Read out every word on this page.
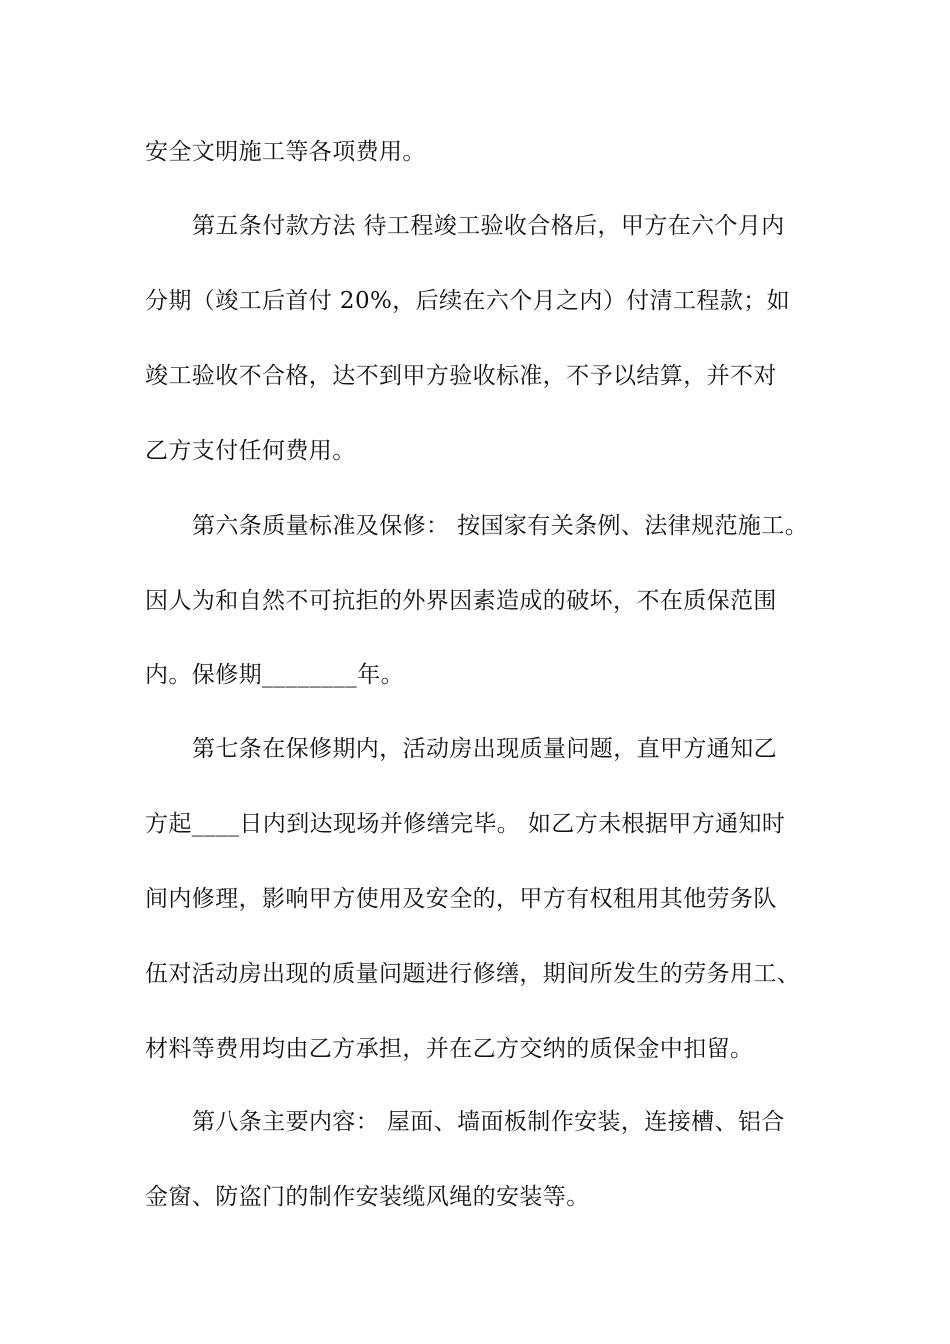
安全文明施工等各项费用。
第五条付款方法 待工程竣工验收合格后，甲方在六个月内
分期（竣工后首付 20%，后续在六个月之内）付清工程款；如
竣工验收不合格，达不到甲方验收标准，不予以结算，并不对
乙方支付任何费用。
第六条质量标准及保修： 按国家有关条例、法律规范施工。
因人为和自然不可抗拒的外界因素造成的破坏，不在质保范围
内。保修期________年。
第七条在保修期内，活动房出现质量问题，直甲方通知乙
方起____日内到达现场并修缮完毕。 如乙方未根据甲方通知时
间内修理，影响甲方使用及安全的，甲方有权租用其他劳务队
伍对活动房出现的质量问题进行修缮，期间所发生的劳务用工、
材料等费用均由乙方承担，并在乙方交纳的质保金中扣留。
第八条主要内容： 屋面、墙面板制作安装，连接槽、铝合
金窗、防盗门的制作安装缆风绳的安装等。
